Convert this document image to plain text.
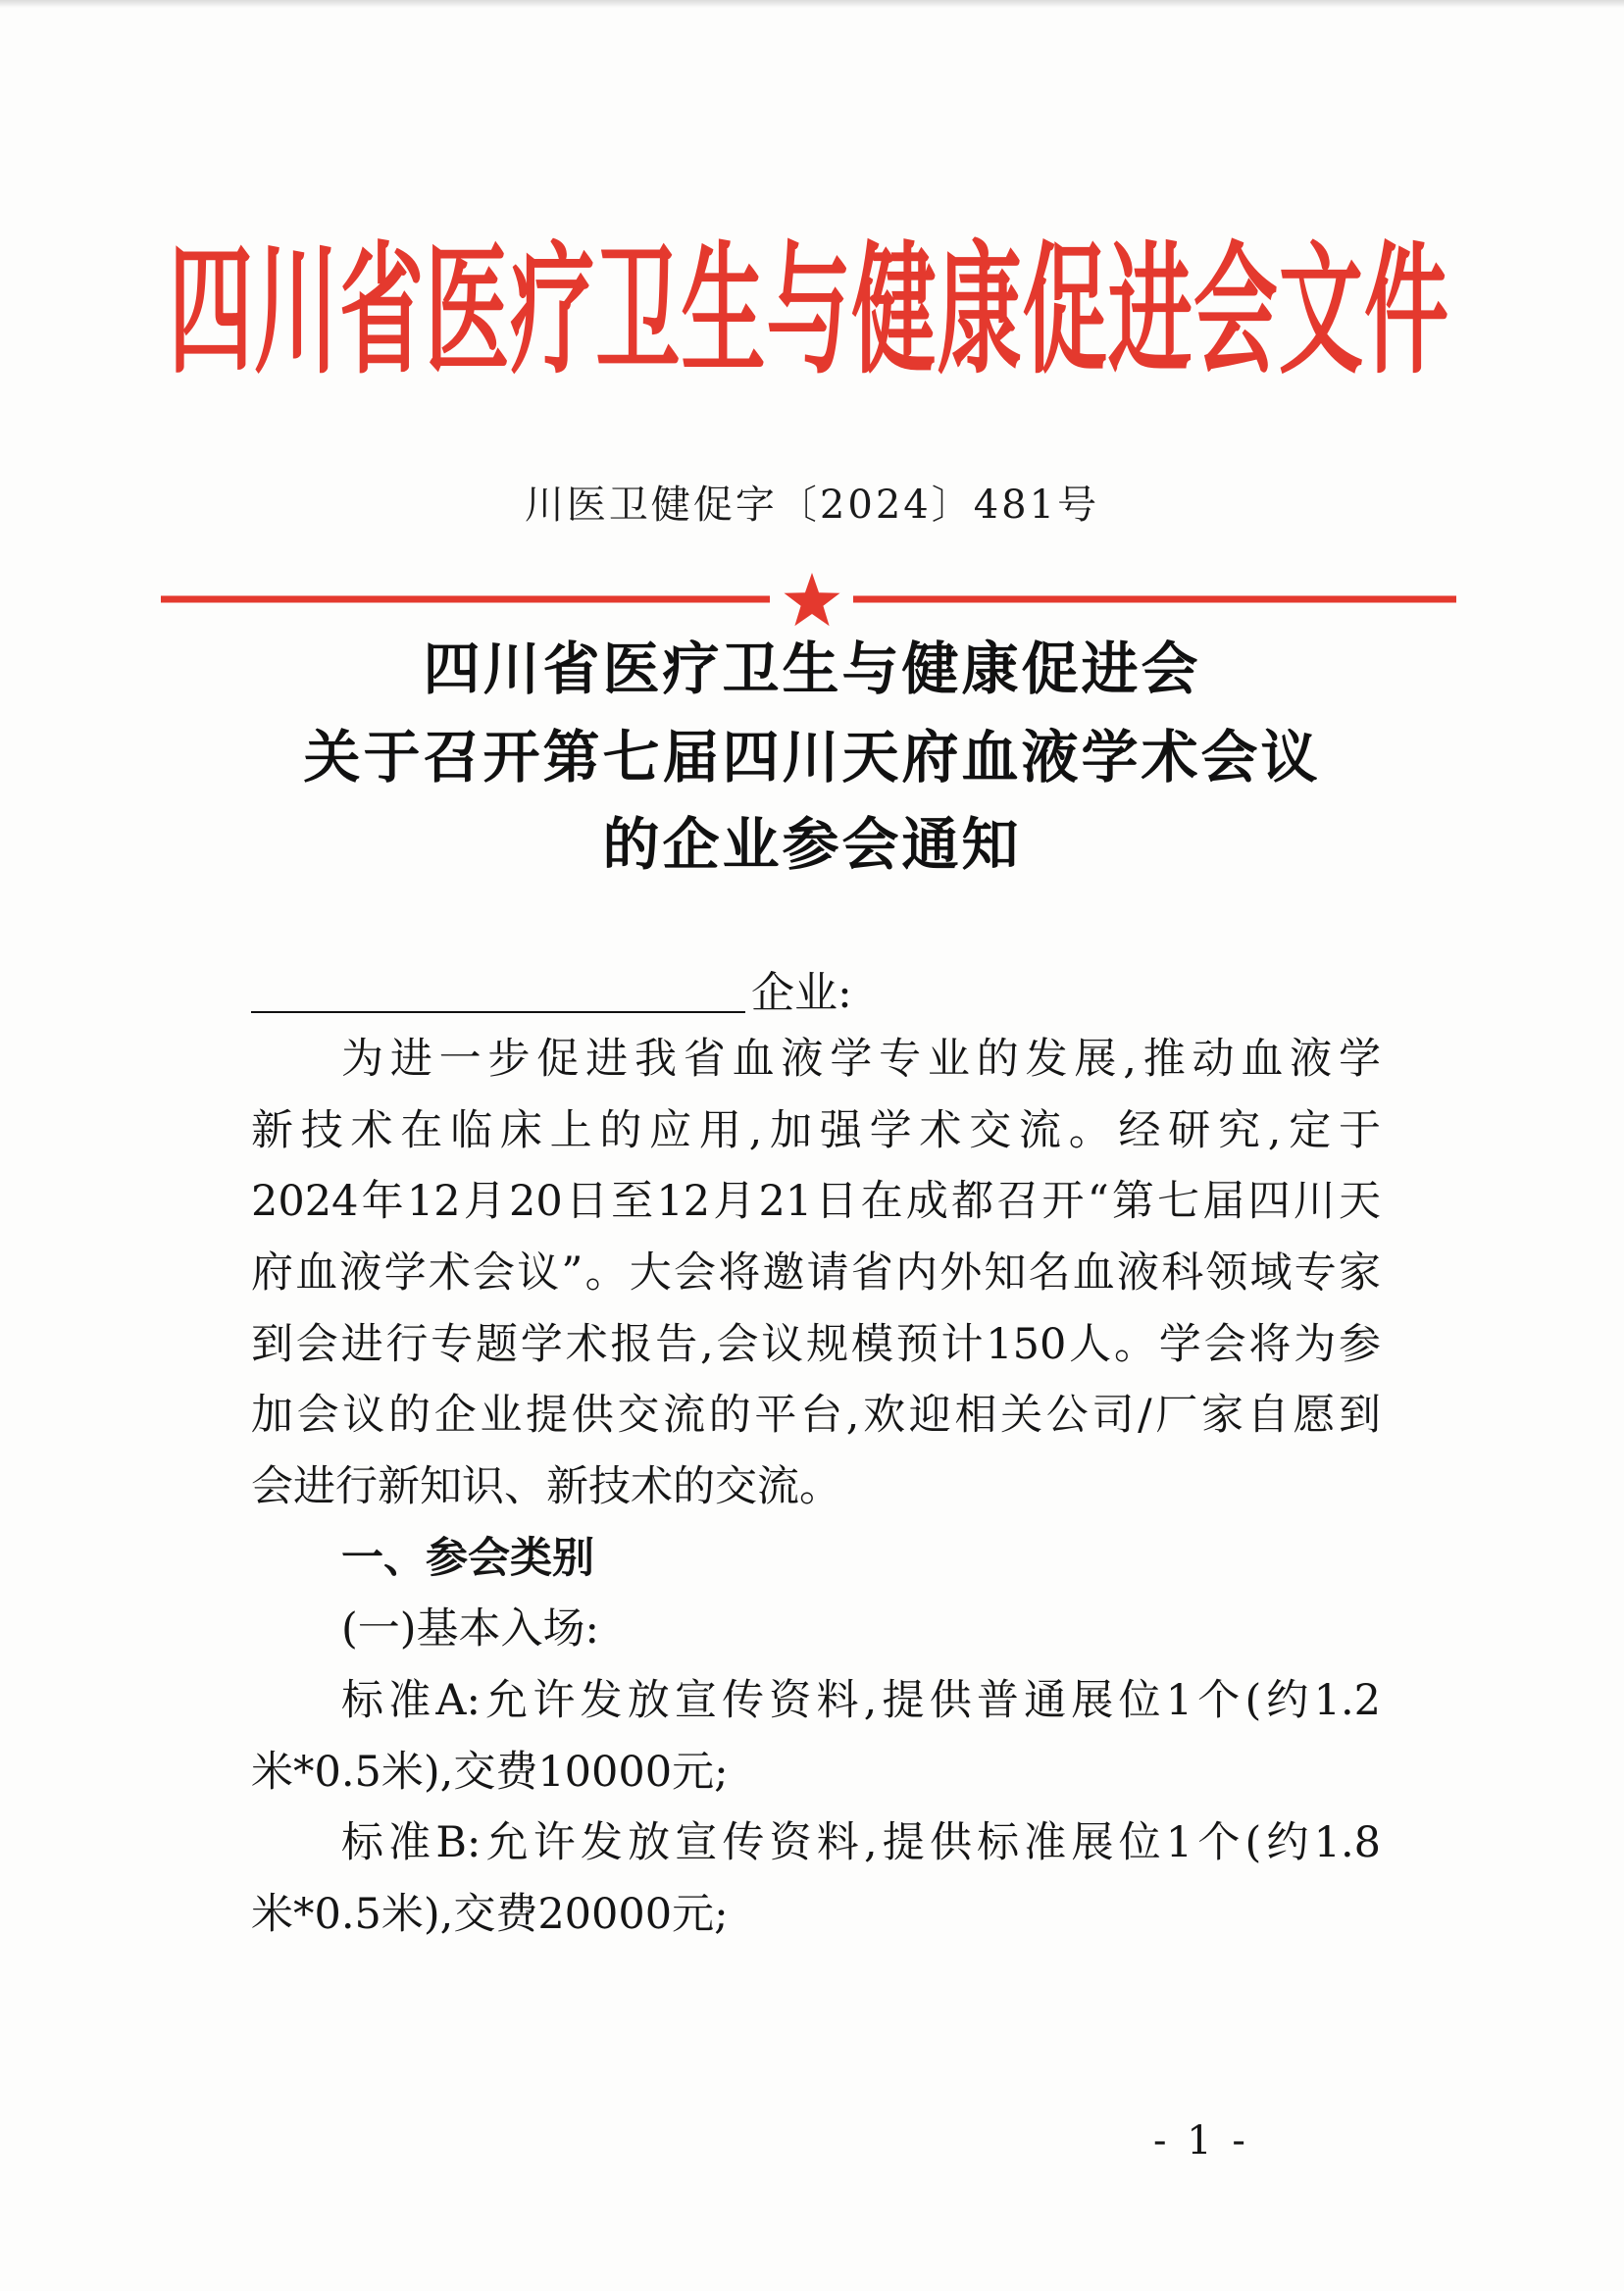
四川省医疗卫生与健康促进会文件
川医卫健促字〔2024〕481号
四川省医疗卫生与健康促进会
关于召开第七届四川天府血液学术会议
的企业参会通知
企业:
为进一步促进我省血液学专业的发展,推动血液学
新技术在临床上的应用,加强学术交流。经研究,定于
2024年12月20日至12月21日在成都召开“第七届四川天
府血液学术会议”。大会将邀请省内外知名血液科领域专家
到会进行专题学术报告,会议规模预计150人。学会将为参
加会议的企业提供交流的平台,欢迎相关公司/厂家自愿到
会进行新知识、新技术的交流。
一、参会类别
(一)基本入场:
标准A:允许发放宣传资料,提供普通展位1个(约1.2
米*0.5米),交费10000元;
标准B:允许发放宣传资料,提供标准展位1个(约1.8
米*0.5米),交费20000元;
- 1 -
